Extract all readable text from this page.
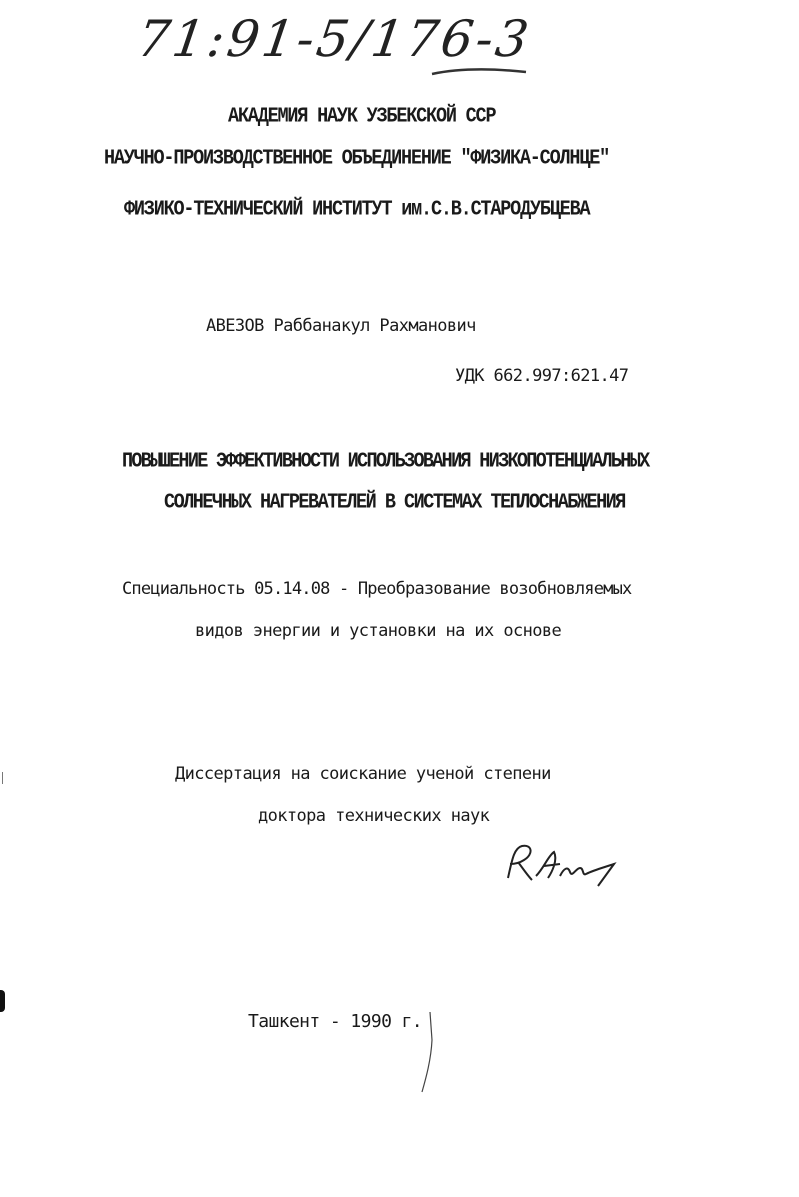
71:91-5/176-3
АКАДЕМИЯ НАУК УЗБЕКСКОЙ ССР
НАУЧНО-ПРОИЗВОДСТВЕННОЕ ОБЪЕДИНЕНИЕ "ФИЗИКА-СОЛНЦЕ"
ФИЗИКО-ТЕХНИЧЕСКИЙ ИНСТИТУТ им.С.В.СТАРОДУБЦЕВА
АВЕЗОВ Раббанакул Рахманович
УДК 662.997:621.47
ПОВЫШЕНИЕ ЭФФЕКТИВНОСТИ ИСПОЛЬЗОВАНИЯ НИЗКОПОТЕНЦИАЛЬНЫХ
СОЛНЕЧНЫХ НАГРЕВАТЕЛЕЙ В СИСТЕМАХ ТЕПЛОСНАБЖЕНИЯ
Специальность 05.14.08 - Преобразование возобновляемых
видов энергии и установки на их основе
Диссертация на соискание ученой степени
доктора технических наук
Ташкент - 1990 г.
